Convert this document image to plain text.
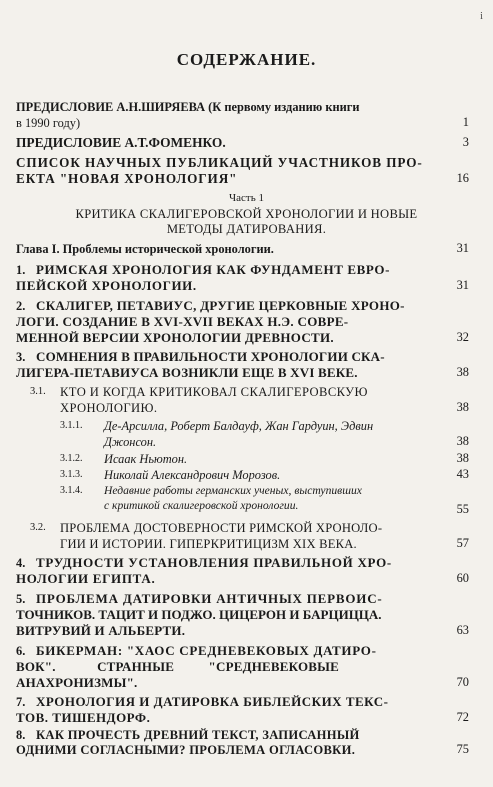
i
СОДЕРЖАНИЕ.
ПРЕДИСЛОВИЕ А.Н.ШИРЯЕВА (К первому изданию книги
в 1990 году)	1
ПРЕДИСЛОВИЕ А.Т.ФОМЕНКО.	3
СПИСОК НАУЧНЫХ ПУБЛИКАЦИЙ УЧАСТНИКОВ ПРО-
ЕКТА "НОВАЯ ХРОНОЛОГИЯ"	16
Часть 1
КРИТИКА СКАЛИГЕРОВСКОЙ ХРОНОЛОГИИ И НОВЫЕ
МЕТОДЫ ДАТИРОВАНИЯ.
Глава I. Проблемы исторической хронологии.	31
1. РИМСКАЯ ХРОНОЛОГИЯ КАК ФУНДАМЕНТ ЕВРО-
ПЕЙСКОЙ ХРОНОЛОГИИ.	31
2. СКАЛИГЕР, ПЕТАВИУС, ДРУГИЕ ЦЕРКОВНЫЕ ХРОНО-
ЛОГИ. СОЗДАНИЕ В XVI-XVII ВЕКАХ Н.Э. СОВРЕ-
МЕННОЙ ВЕРСИИ ХРОНОЛОГИИ ДРЕВНОСТИ.	32
3. СОМНЕНИЯ В ПРАВИЛЬНОСТИ ХРОНОЛОГИИ СКА-
ЛИГЕРА-ПЕТАВИУСА ВОЗНИКЛИ ЕЩЕ В XVI ВЕКЕ.	38
3.1. КТО И КОГДА КРИТИКОВАЛ СКАЛИГЕРОВСКУЮ
ХРОНОЛОГИЮ.	38
3.1.1. Де-Арсилла, Роберт Балдауф, Жан Гардуин, Эдвин
Джонсон.	38
3.1.2. Исаак Ньютон.	38
3.1.3. Николай Александрович Морозов.	43
3.1.4. Недавние работы германских ученых, выступивших
с критикой скалигеровской хронологии.	55
3.2. ПРОБЛЕМА ДОСТОВЕРНОСТИ РИМСКОЙ ХРОНОЛО-
ГИИ И ИСТОРИИ. ГИПЕРКРИТИЦИЗМ XIX ВЕКА.	57
4. ТРУДНОСТИ УСТАНОВЛЕНИЯ ПРАВИЛЬНОЙ ХРО-
НОЛОГИИ ЕГИПТА.	60
5. ПРОБЛЕМА ДАТИРОВКИ АНТИЧНЫХ ПЕРВОИС-
ТОЧНИКОВ. ТАЦИТ И ПОДЖО. ЦИЦЕРОН И БАРЦИЦЦА.
ВИТРУВИЙ И АЛЬБЕРТИ.	63
6. БИКЕРМАН: "ХАОС СРЕДНЕВЕКОВЫХ ДАТИРО-
ВОК".            СТРАННЫЕ          "СРЕДНЕВЕКОВЫЕ
АНАХРОНИЗМЫ".	70
7. ХРОНОЛОГИЯ И ДАТИРОВКА БИБЛЕЙСКИХ ТЕКС-
ТОВ. ТИШЕНДОРФ.	72
8. КАК ПРОЧЕСТЬ ДРЕВНИЙ ТЕКСТ, ЗАПИСАННЫЙ
ОДНИМИ СОГЛАСНЫМИ? ПРОБЛЕМА ОГЛАСОВКИ.	75
